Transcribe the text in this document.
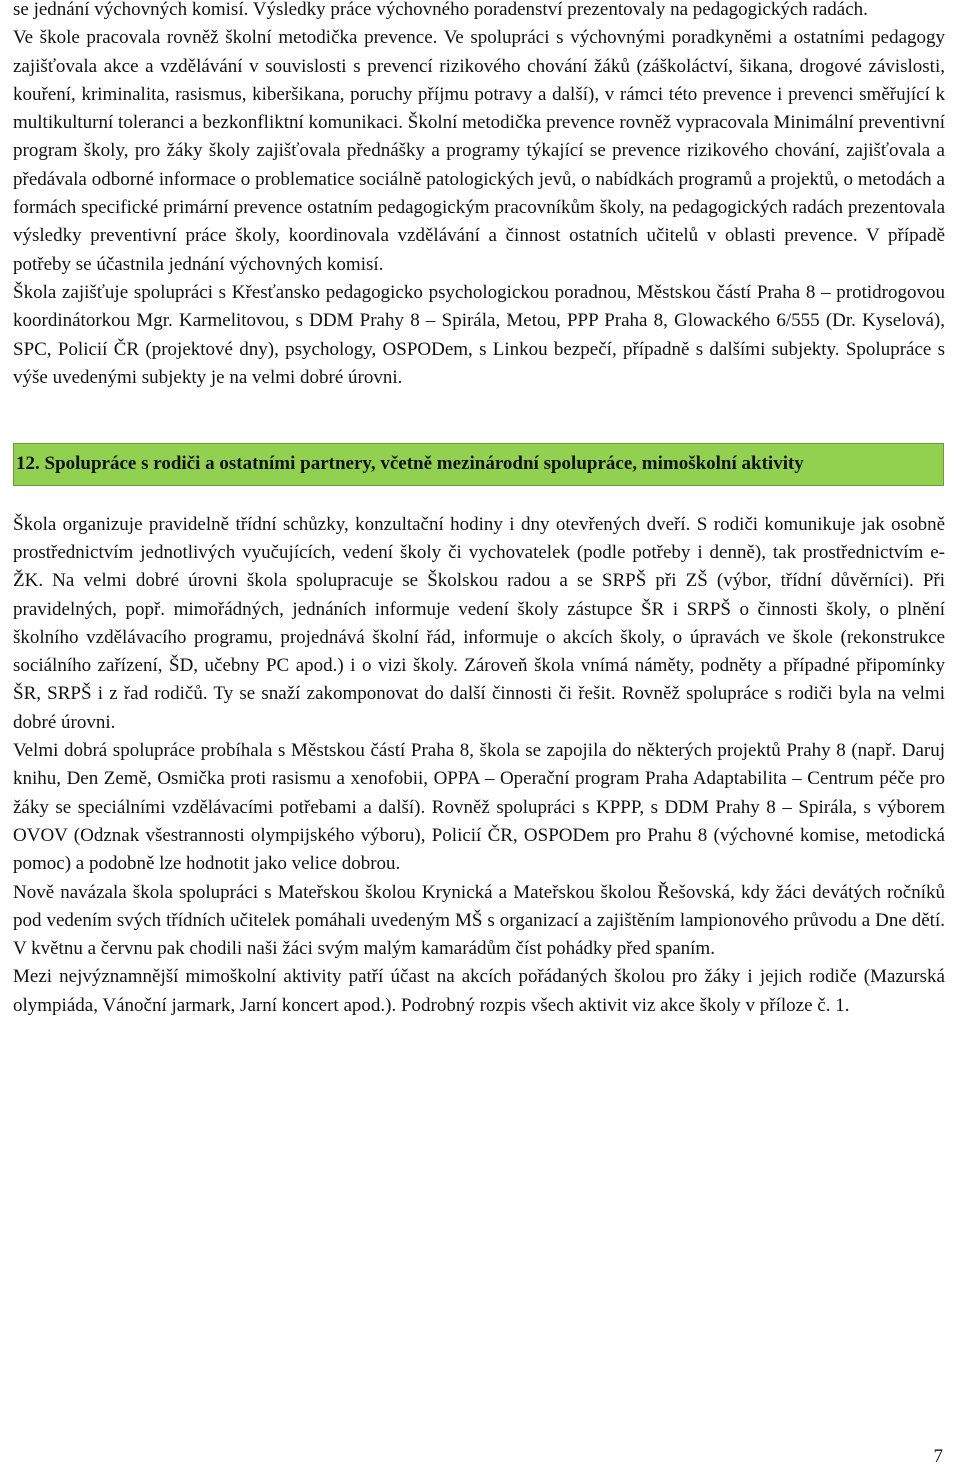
se jednání výchovných komisí. Výsledky práce výchovného poradenství prezentovaly na pedagogických radách.

Ve škole pracovala rovněž školní metodička prevence. Ve spolupráci s výchovnými poradkyněmi a ostatními pedagogy zajišťovala akce a vzdělávání v souvislosti s prevencí rizikového chování žáků (záškoláctví, šikana, drogové závislosti, kouření, kriminalita, rasismus, kiberšikana, poruchy příjmu potravy a další), v rámci této prevence i prevenci směřující k multikulturní toleranci a bezkonfliktní komunikaci. Školní metodička prevence rovněž vypracovala Minimální preventivní program školy, pro žáky školy zajišťovala přednášky a programy týkající se prevence rizikového chování, zajišťovala a předávala odborné informace o problematice sociálně patologických jevů, o nabídkách programů a projektů, o metodách a formách specifické primární prevence ostatním pedagogickým pracovníkům školy, na pedagogických radách prezentovala výsledky preventivní práce školy, koordinovala vzdělávání a činnost ostatních učitelů v oblasti prevence. V případě potřeby se účastnila jednání výchovných komisí.

Škola zajišťuje spolupráci s Křesťansko pedagogicko psychologickou poradnou, Městskou částí Praha 8 – protidrogovou koordinátorkou Mgr. Karmelitovou, s DDM Prahy 8 – Spirála, Metou, PPP Praha 8, Glowackého 6/555 (Dr. Kyselová), SPC, Policií ČR (projektové dny), psychology, OSPODem, s Linkou bezpečí, případně s dalšími subjekty. Spolupráce s výše uvedenými subjekty je na velmi dobré úrovni.

12. Spolupráce s rodiči a ostatními partnery, včetně mezinárodní spolupráce, mimoškolní aktivity

Škola organizuje pravidelně třídní schůzky, konzultační hodiny i dny otevřených dveří. S rodiči komunikuje jak osobně prostřednictvím jednotlivých vyučujících, vedení školy či vychovatelek (podle potřeby i denně), tak prostřednictvím e-ŽK. Na velmi dobré úrovni škola spolupracuje se Školskou radou a se SRPŠ při ZŠ (výbor, třídní důvěrníci). Při pravidelných, popř. mimořádných, jednáních informuje vedení školy zástupce ŠR i SRPŠ o činnosti školy, o plnění školního vzdělávacího programu, projednává školní řád, informuje o akcích školy, o úpravách ve škole (rekonstrukce sociálního zařízení, ŠD, učebny PC apod.) i o vizi školy. Zároveň škola vnímá náměty, podněty a případné připomínky ŠR, SRPŠ i z řad rodičů. Ty se snaží zakomponovat do další činnosti či řešit. Rovněž spolupráce s rodiči byla na velmi dobré úrovni.

Velmi dobrá spolupráce probíhala s Městskou částí Praha 8, škola se zapojila do některých projektů Prahy 8 (např. Daruj knihu, Den Země, Osmička proti rasismu a xenofobii, OPPA – Operační program Praha Adaptabilita – Centrum péče pro žáky se speciálními vzdělávacími potřebami a další). Rovněž spolupráci s KPPP, s DDM Prahy 8 – Spirála, s výborem OVOV (Odznak všestrannosti olympijského výboru), Policií ČR, OSPODem pro Prahu 8 (výchovné komise, metodická pomoc) a podobně lze hodnotit jako velice dobrou.

Nově navázala škola spolupráci s Mateřskou školou Krynická a Mateřskou školou Řešovská, kdy žáci devátých ročníků pod vedením svých třídních učitelek pomáhali uvedeným MŠ s organizací a zajištěním lampionového průvodu a Dne dětí. V květnu a červnu pak chodili naši žáci svým malým kamarádům číst pohádky před spaním.

Mezi nejvýznamnější mimoškolní aktivity patří účast na akcích pořádaných školou pro žáky i jejich rodiče (Mazurská olympiáda, Vánoční jarmark, Jarní koncert apod.). Podrobný rozpis všech aktivit viz akce školy v příloze č. 1.

7
